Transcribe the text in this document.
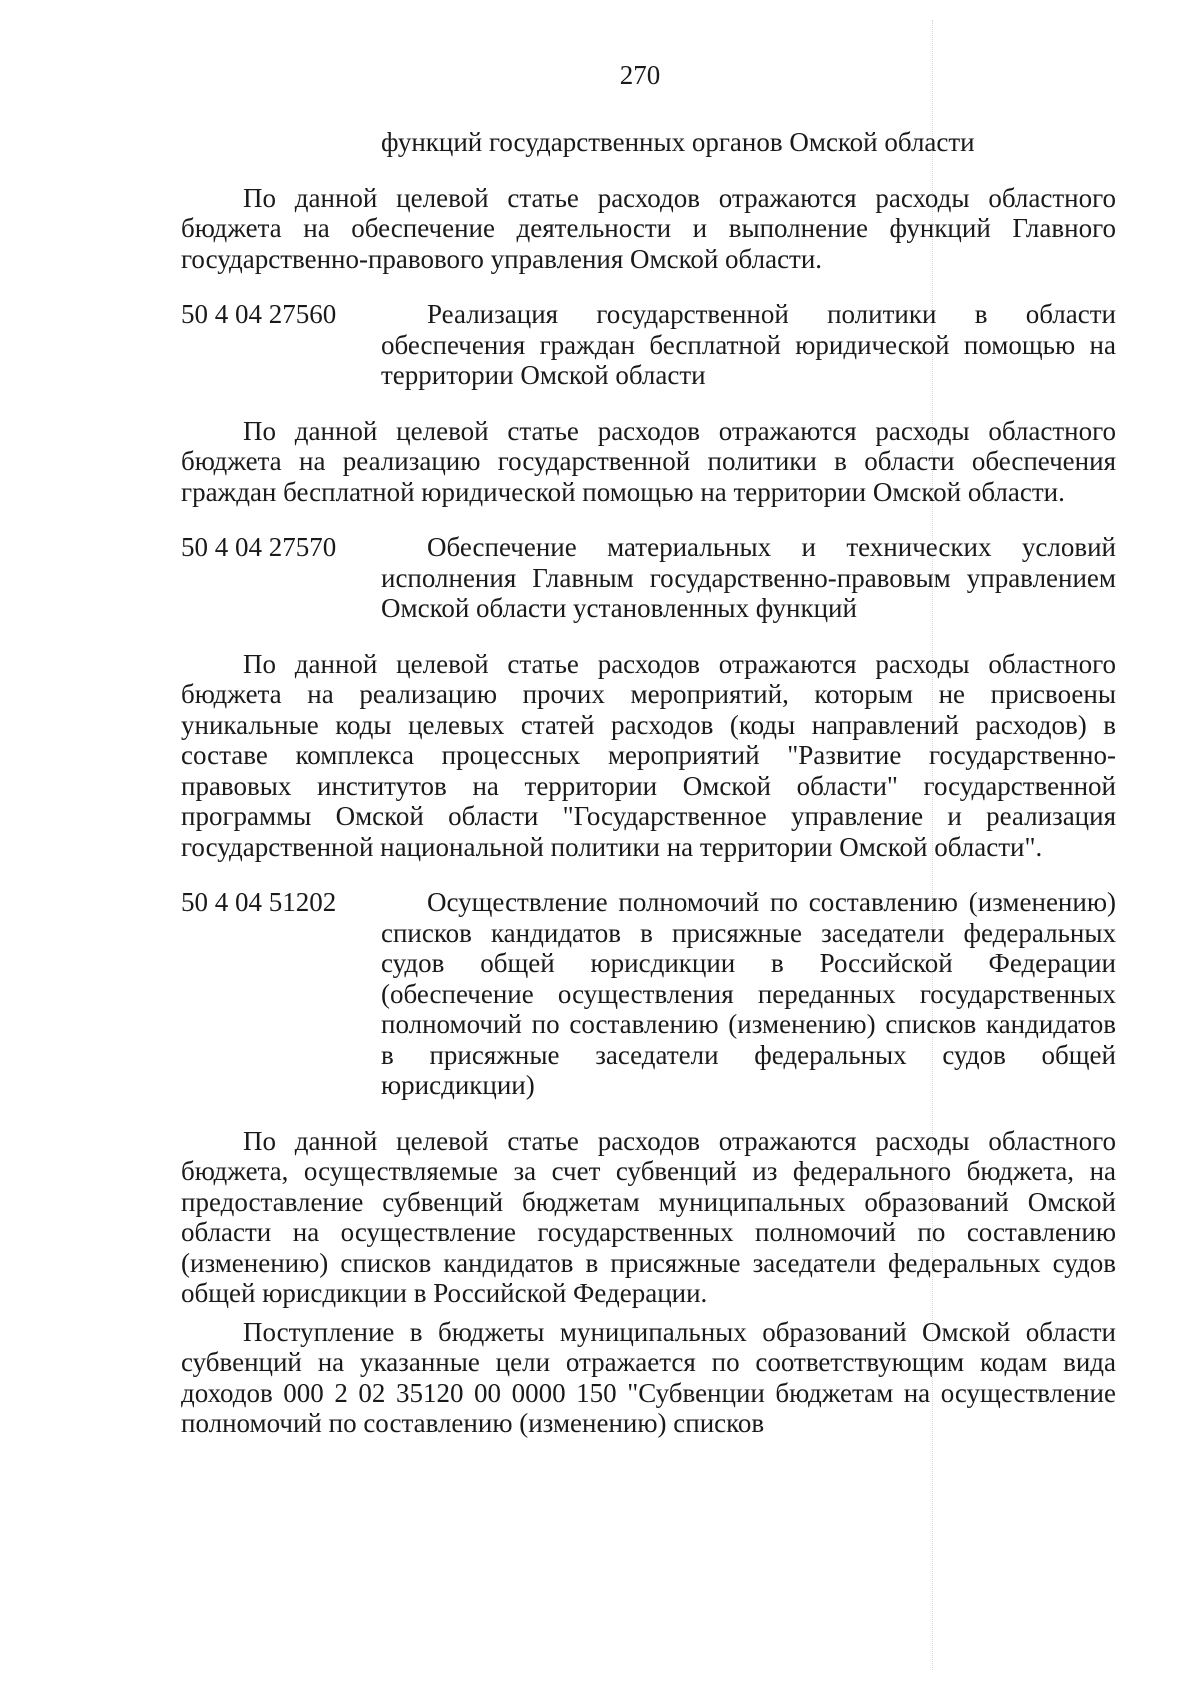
270
функций государственных органов Омской области

По данной целевой статье расходов отражаются расходы областного бюджета на обеспечение деятельности и выполнение функций Главного государственно-правового управления Омской области.

50 4 04 27560	Реализация государственной политики в области обеспечения граждан бесплатной юридической помощью на территории Омской области

По данной целевой статье расходов отражаются расходы областного бюджета на реализацию государственной политики в области обеспечения граждан бесплатной юридической помощью на территории Омской области.

50 4 04 27570	Обеспечение материальных и технических условий исполнения Главным государственно-правовым управлением Омской области установленных функций

По данной целевой статье расходов отражаются расходы областного бюджета на реализацию прочих мероприятий, которым не присвоены уникальные коды целевых статей расходов (коды направлений расходов) в составе комплекса процессных мероприятий "Развитие государственно-правовых институтов на территории Омской области" государственной программы Омской области "Государственное управление и реализация государственной национальной политики на территории Омской области".

50 4 04 51202	Осуществление полномочий по составлению (изменению) списков кандидатов в присяжные заседатели федеральных судов общей юрисдикции в Российской Федерации (обеспечение осуществления переданных государственных полномочий по составлению (изменению) списков кандидатов в присяжные заседатели федеральных судов общей юрисдикции)

По данной целевой статье расходов отражаются расходы областного бюджета, осуществляемые за счет субвенций из федерального бюджета, на предоставление субвенций бюджетам муниципальных образований Омской области на осуществление государственных полномочий по составлению (изменению) списков кандидатов в присяжные заседатели федеральных судов общей юрисдикции в Российской Федерации.

Поступление в бюджеты муниципальных образований Омской области субвенций на указанные цели отражается по соответствующим кодам вида доходов 000 2 02 35120 00 0000 150 "Субвенции бюджетам на осуществление полномочий по составлению (изменению) списков
